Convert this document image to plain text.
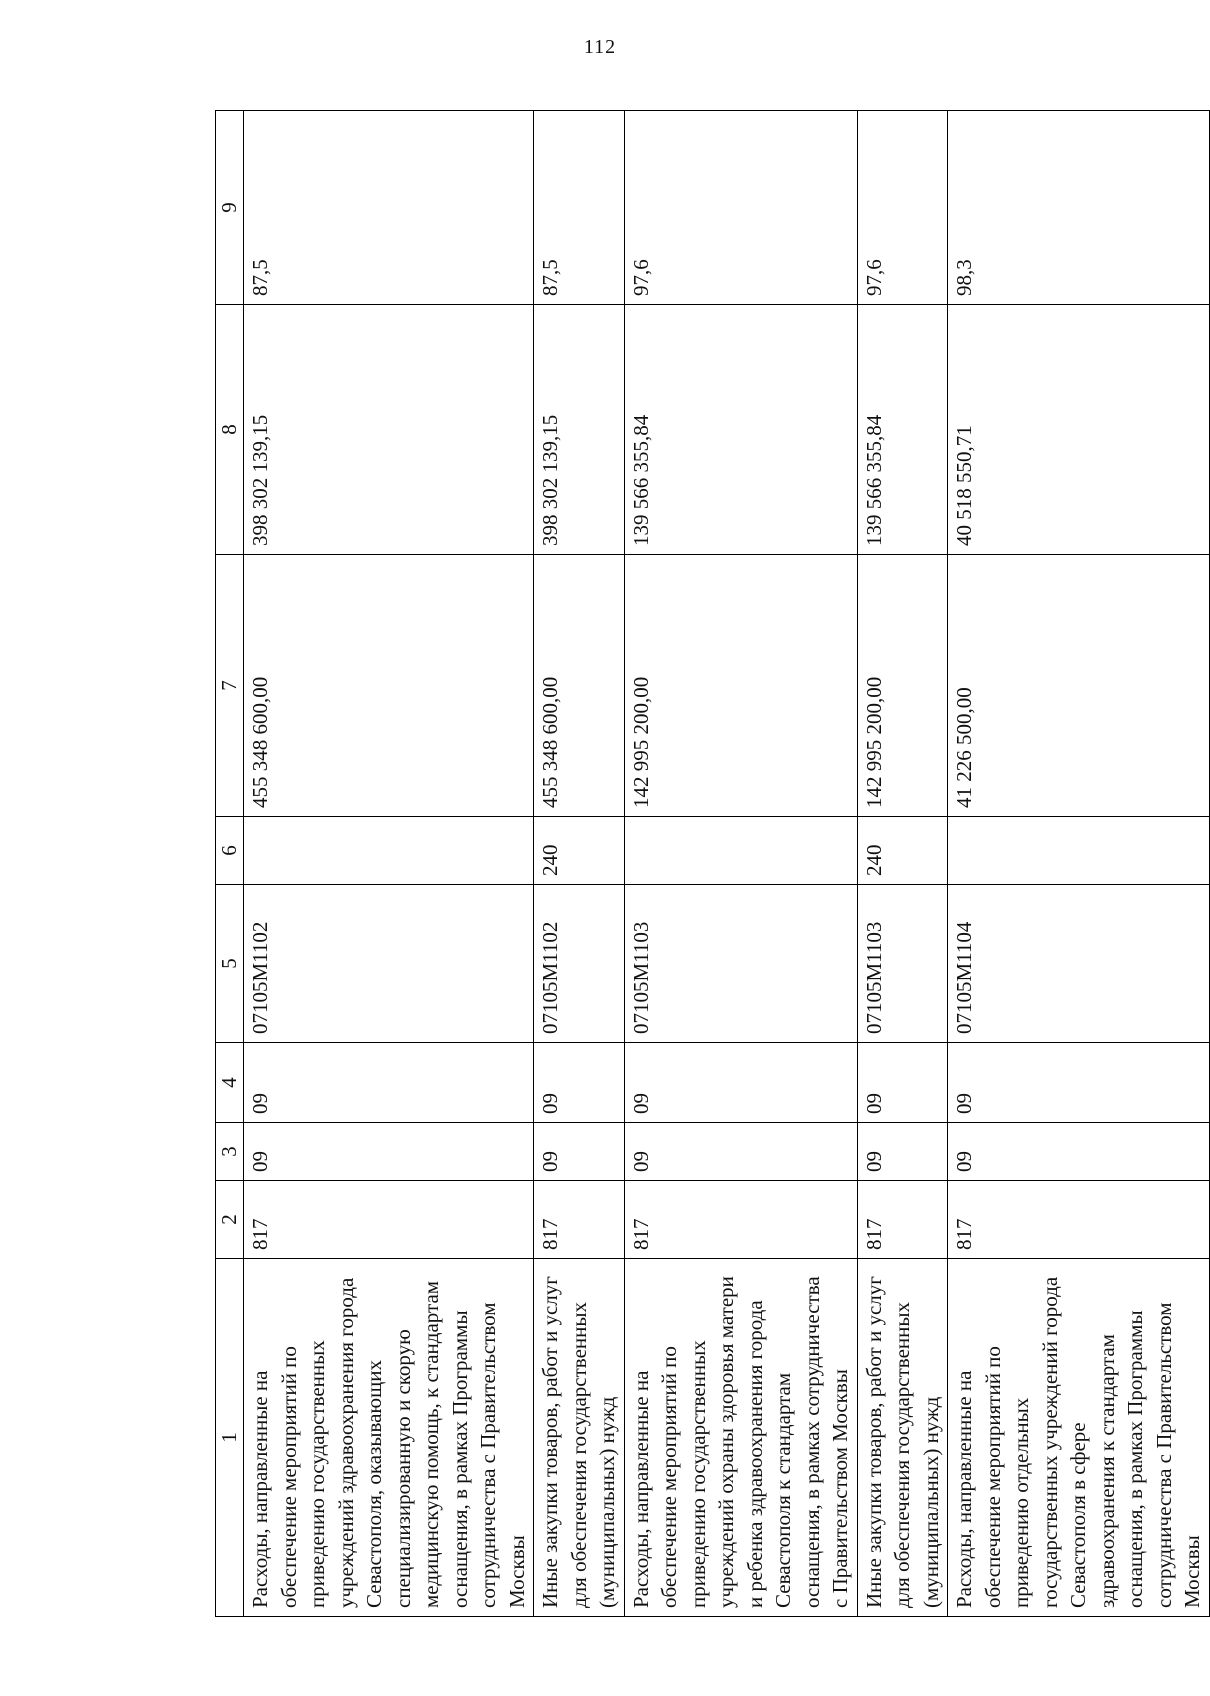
112
1	2	3	4	5	6	7	8	9
Расходы, направленные на обеспечение мероприятий по приведению государственных учреждений здравоохранения города Севастополя, оказывающих специализированную и скорую медицинскую помощь, к стандартам оснащения, в рамках Программы сотрудничества с Правительством Москвы	817	09	09	07105M1102		455 348 600,00	398 302 139,15	87,5
Иные закупки товаров, работ и услуг для обеспечения государственных (муниципальных) нужд	817	09	09	07105M1102	240	455 348 600,00	398 302 139,15	87,5
Расходы, направленные на обеспечение мероприятий по приведению государственных учреждений охраны здоровья матери и ребенка здравоохранения города Севастополя к стандартам оснащения, в рамках сотрудничества с Правительством Москвы	817	09	09	07105M1103		142 995 200,00	139 566 355,84	97,6
Иные закупки товаров, работ и услуг для обеспечения государственных (муниципальных) нужд	817	09	09	07105M1103	240	142 995 200,00	139 566 355,84	97,6
Расходы, направленные на обеспечение мероприятий по приведению отдельных государственных учреждений города Севастополя в сфере здравоохранения к стандартам оснащения, в рамках Программы сотрудничества с Правительством Москвы	817	09	09	07105M1104		41 226 500,00	40 518 550,71	98,3
